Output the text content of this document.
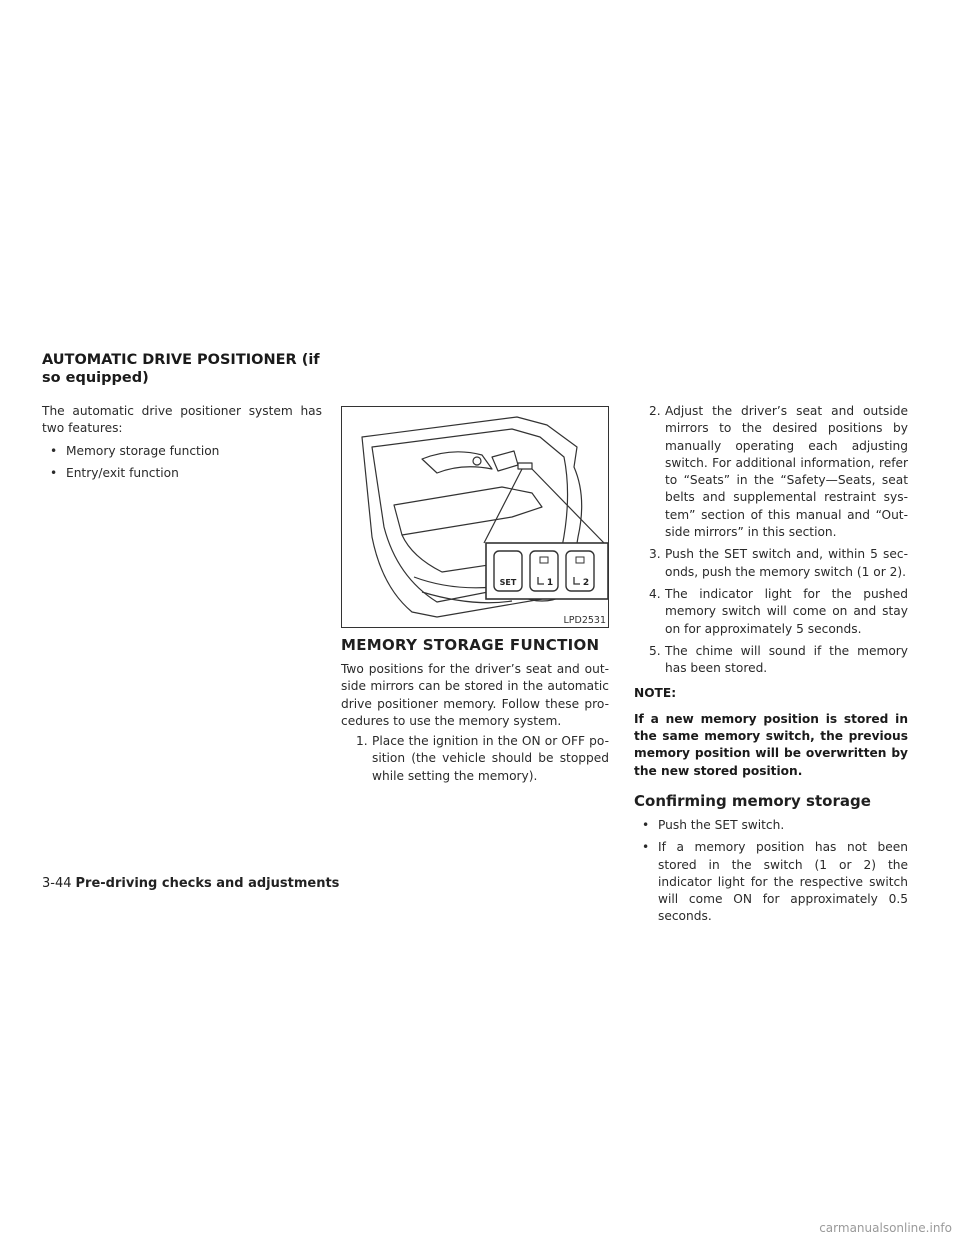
AUTOMATIC DRIVE POSITIONER (if so equipped)

The automatic drive positioner system has two features:

• Memory storage function
• Entry/exit function
SET	1	2
LPD2531
MEMORY STORAGE FUNCTION

Two positions for the driver’s seat and out-side mirrors can be stored in the automatic drive positioner memory. Follow these pro-cedures to use the memory system.

1. Place the ignition in the ON or OFF po-sition (the vehicle should be stopped while setting the memory).
2. Adjust the driver’s seat and outside mirrors to the desired positions by manually operating each adjusting switch. For additional information, refer to “Seats” in the “Safety—Seats, seat belts and supplemental restraint sys-tem” section of this manual and “Out-side mirrors” in this section.
3. Push the SET switch and, within 5 sec-onds, push the memory switch (1 or 2).
4. The indicator light for the pushed memory switch will come on and stay on for approximately 5 seconds.
5. The chime will sound if the memory has been stored.

NOTE:

If a new memory position is stored in the same memory switch, the previous memory position will be overwritten by the new stored position.

Confirming memory storage
• Push the SET switch.
• If a memory position has not been stored in the switch (1 or 2) the indicator light for the respective switch will come ON for approximately 0.5 seconds.
3-44 Pre-driving checks and adjustments
carmanualsonline.info
